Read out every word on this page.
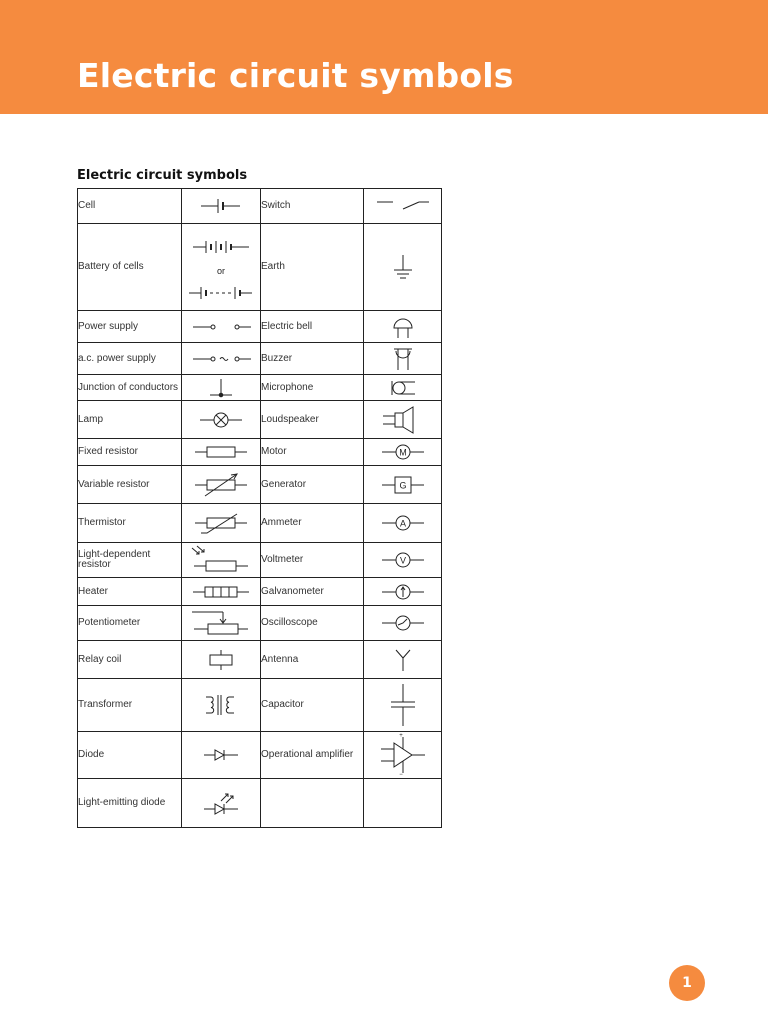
Electric circuit symbols
Electric circuit symbols
Cell		Switch	

Battery of cells	or	Earth	

Power supply		Electric bell	

a.c. power supply		Buzzer	

Junction of conductors		Microphone	

Lamp		Loudspeaker	

Fixed resistor		Motor	M

Variable resistor		Generator	G

Thermistor		Ammeter	A

Light-dependent resistor		Voltmeter	V

Heater		Galvanometer	

Potentiometer		Oscilloscope	

Relay coil		Antenna	

Transformer		Capacitor	

Diode		Operational amplifier	+
−

Light-emitting diode	

1
